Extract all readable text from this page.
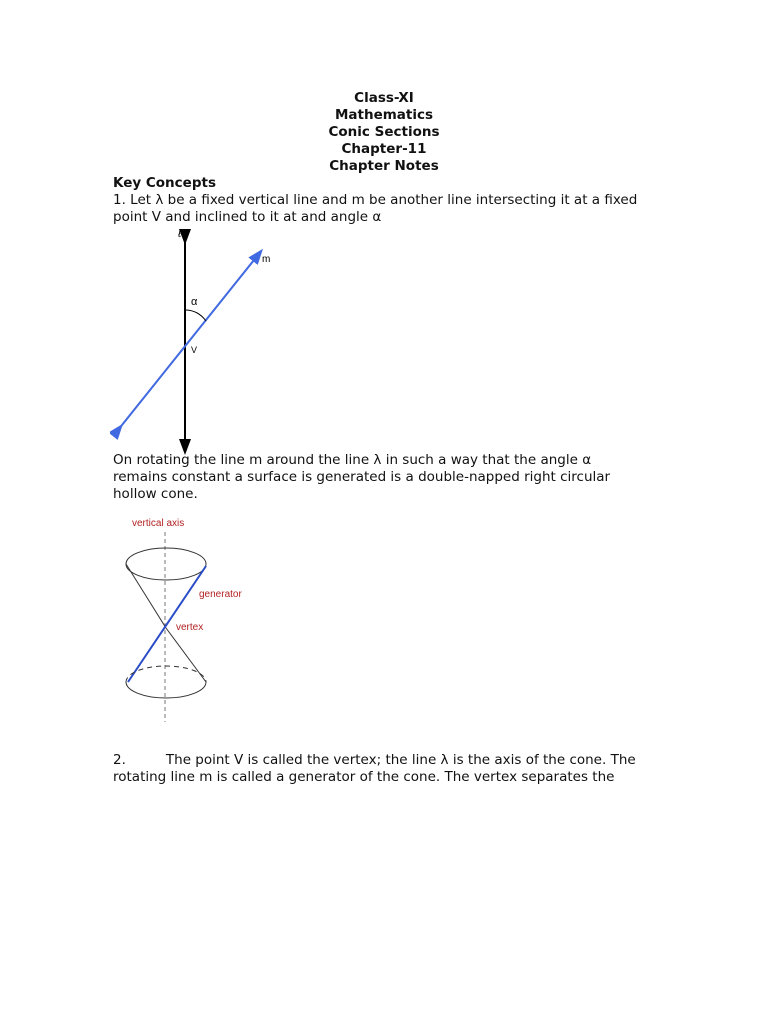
Class-XI
Mathematics
Conic Sections
Chapter-11
Chapter Notes
Key Concepts
1. Let λ be a fixed vertical line and m be another line intersecting it at a fixed
point V and inclined to it at and angle α
ℓ
m
α
V
On rotating the line m around the line λ in such a way that the angle α
remains constant a surface is generated is a double-napped right circular
hollow cone.
vertical axis
generator
vertex
2.	The point V is called the vertex; the line λ is the axis of the cone. The
rotating line m is called a generator of the cone. The vertex separates the
